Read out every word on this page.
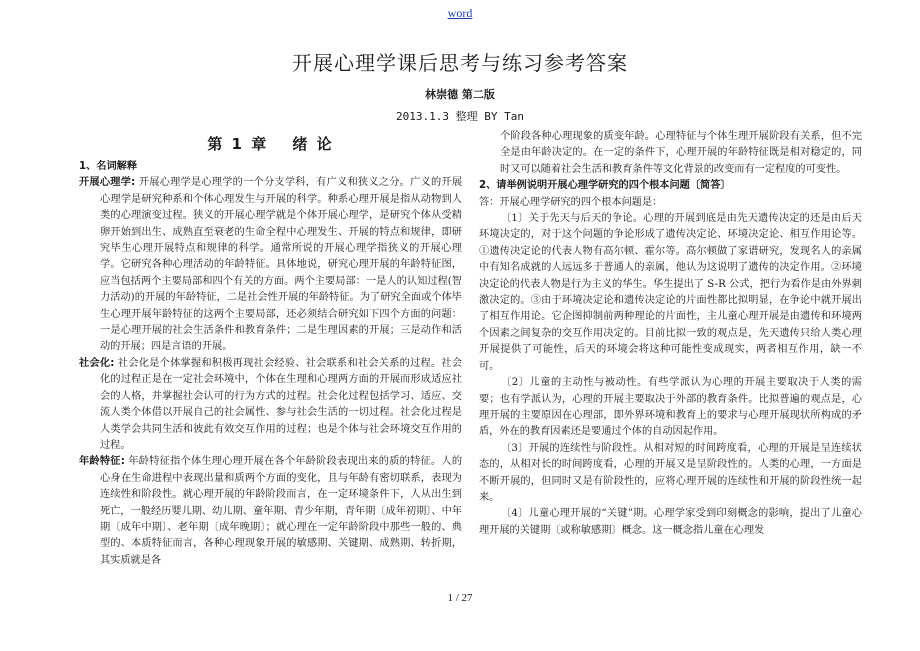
word
开展心理学课后思考与练习参考答案
林崇德 第二版
2013.1.3 整理 BY Tan
第 1 章　 绪 论

1、名词解释

开展心理学: 开展心理学是心理学的一个分支学科，有广义和狭义之分。广义的开展心理学是研究种系和个体心理发生与开展的科学。种系心理开展是指从动物到人类的心理演变过程。狭义的开展心理学就是个体开展心理学，是研究个体从受精卵开始到出生、成熟直至衰老的生命全程中心理发生、开展的特点和规律，即研究毕生心理开展特点和规律的科学。通常所说的开展心理学指狭义的开展心理学。它研究各种心理活动的年龄特征。具体地说，研究心理开展的年龄特征图，应当包括两个主要局部和四个有关的方面。两个主要局部：一是人的认知过程(智力活动)的开展的年龄特征，二是社会性开展的年龄特征。为了研究全面或个体毕生心理开展年龄特征的这两个主要局部，还必须结合研究如下四个方面的问题：一是心理开展的社会生活条件和教育条件；二是生理因素的开展；三是动作和活动的开展；四是言语的开展。

社会化: 社会化是个体掌握和积极再现社会经验、社会联系和社会关系的过程。社会化的过程正是在一定社会环境中，个体在生理和心理两方面的开展而形成适应社会的人格，并掌握社会认可的行为方式的过程。社会化过程包括学习、适应、交流人类个体借以开展自己的社会属性、参与社会生活的一切过程。社会化过程是人类学会共同生活和彼此有效交互作用的过程；也是个体与社会环境交互作用的过程。

年龄特征: 年龄特征指个体生理心理开展在各个年龄阶段表现出来的质的特征。人的心身在生命进程中表现出量和质两个方面的变化，且与年龄有密切联系，表现为连续性和阶段性。就心理开展的年龄阶段而言，在一定环境条件下，人从出生到死亡，一般经历婴儿期、幼儿期、童年期、青少年期，青年期〔成年初期〕、中年期〔成年中期〕、老年期〔成年晚期〕；就心理在一定年龄阶段中那些一般的、典型的、本质特征而言，各种心理现象开展的敏感期、关键期、成熟期、转折期，其实质就是各

个阶段各种心理现象的质变年龄。心理特征与个体生理开展阶段有关系，但不完全是由年龄决定的。在一定的条件下，心理开展的年龄特征既是相对稳定的，同时又可以随着社会生活和教育条件等文化背景的改变而有一定程度的可变性。

2、请举例说明开展心理学研究的四个根本问题〔简答〕

答：开展心理学研究的四个根本问题是：

〔1〕关于先天与后天的争论。心理的开展到底是由先天遗传决定的还是由后天环境决定的，对于这个问题的争论形成了遗传决定论、环境决定论、相互作用论等。①遗传决定论的代表人物有高尔顿、霍尔等。高尔顿做了家谱研究，发现名人的亲属中有知名成就的人远远多于普通人的亲属，他认为这说明了遗传的决定作用。②环境决定论的代表人物是行为主义的华生。华生提出了 S-R 公式，把行为看作是由外界刺激决定的。③由于环境决定论和遗传决定论的片面性都比拟明显，在争论中就开展出了相互作用论。它企图抑制前两种理论的片面性，主儿童心理开展是由遗传和环境两个因素之间复杂的交互作用决定的。目前比拟一致的观点是，先天遗传只给人类心理开展提供了可能性，后天的环境会将这种可能性变成现实，两者相互作用，缺一不可。

〔2〕儿童的主动性与被动性。有些学派认为心理的开展主要取决于人类的需要；也有学派认为，心理的开展主要取决于外部的教育条件。比拟普遍的观点是，心理开展的主要原因在心理部，即外界环境和教育上的要求与心理开展现状所构成的矛盾，外在的教育因素还是要通过个体的自动因起作用。

〔3〕开展的连续性与阶段性。从相对短的时间跨度看，心理的开展是呈连续状态的，从相对长的时间跨度看，心理的开展又是呈阶段性的。人类的心理，一方面是不断开展的，但同时又是有阶段性的，应将心理开展的连续性和开展的阶段性统一起来。

〔4〕儿童心理开展的“关键”期。心理学家受到印刻概念的影响，提出了儿童心理开展的关键期〔或称敏感期〕概念。这一概念指儿童在心理发

1 / 27
